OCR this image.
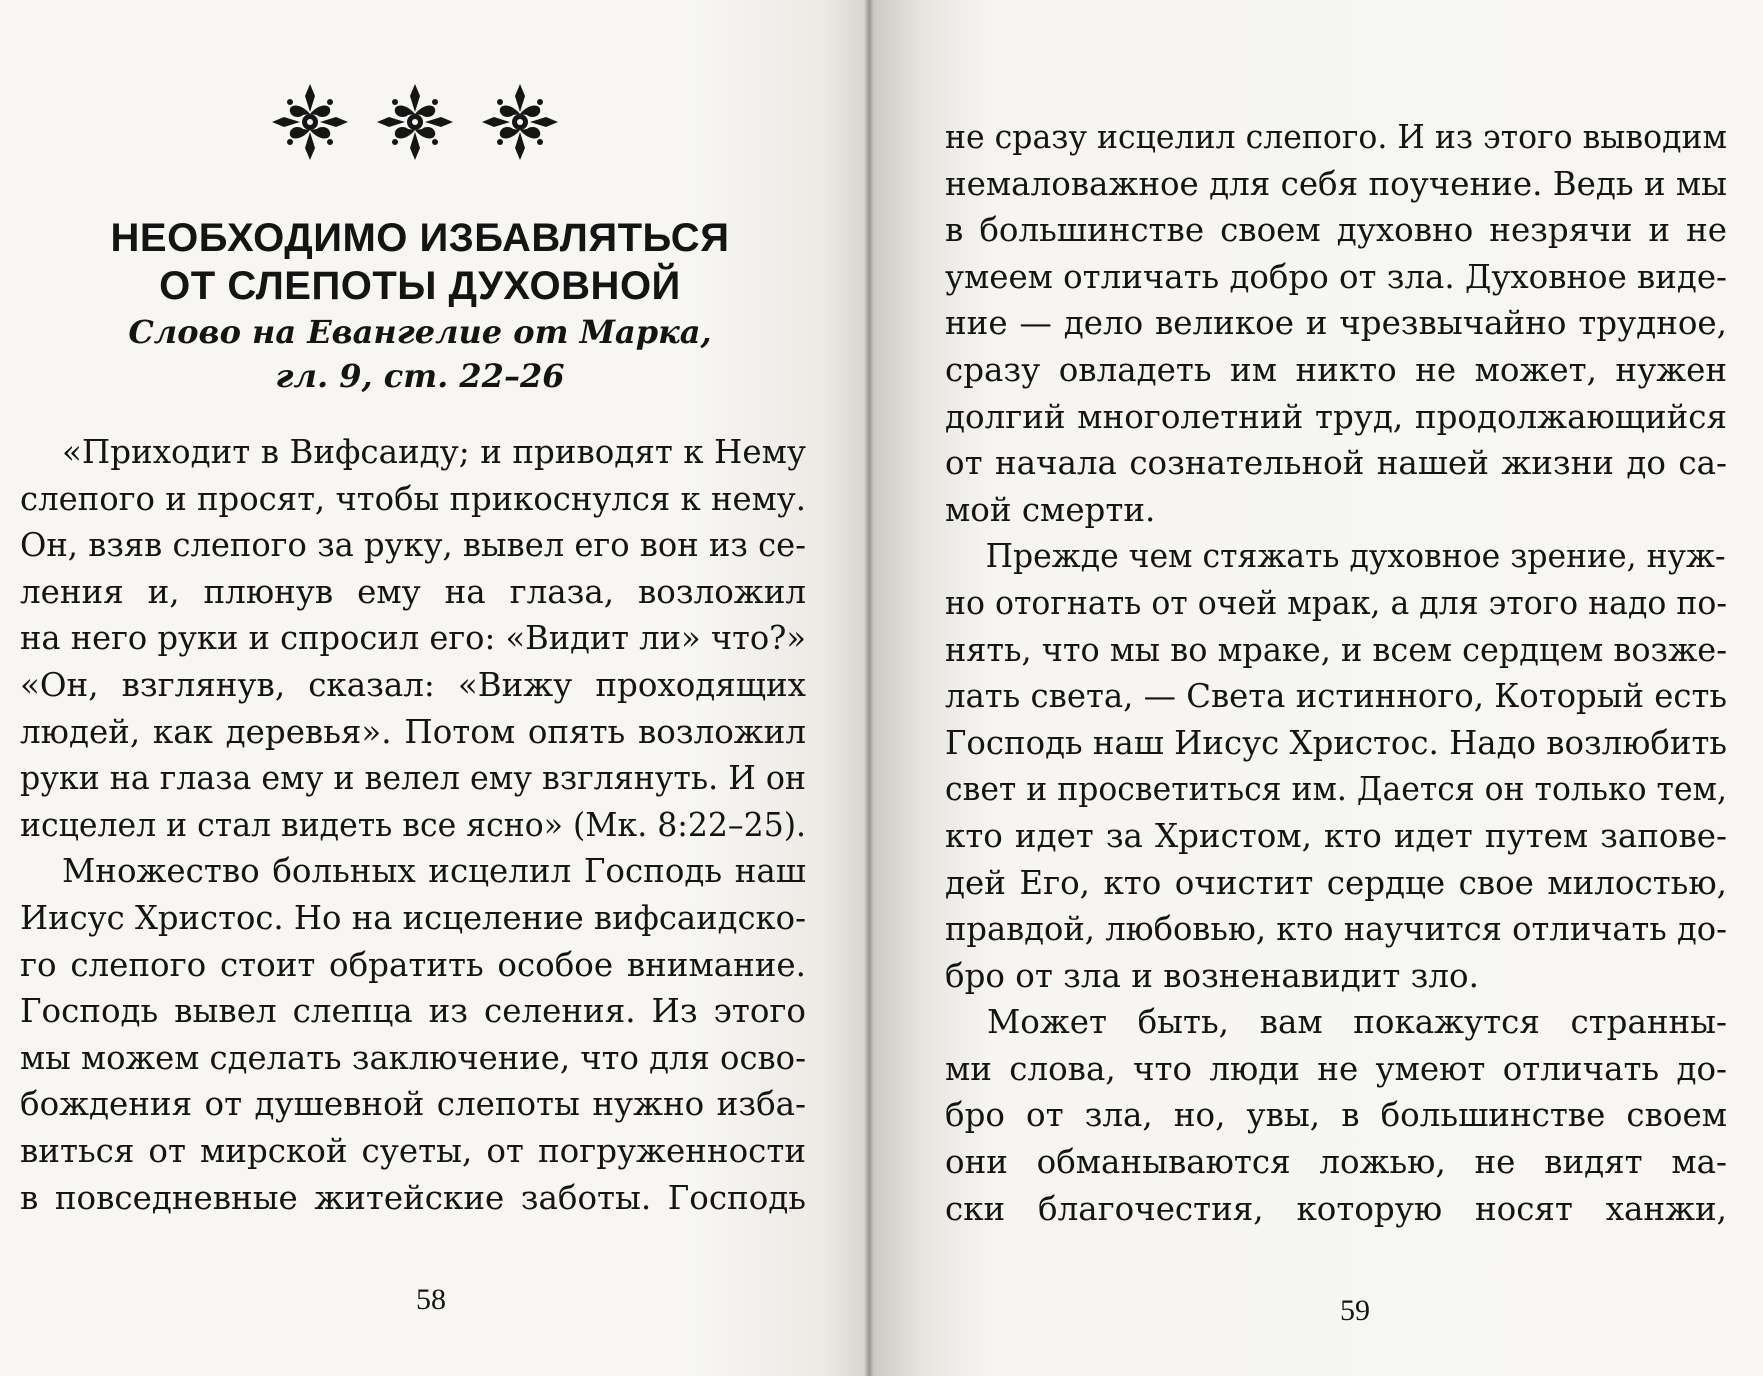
НЕОБХОДИМО ИЗБАВЛЯТЬСЯ
ОТ СЛЕПОТЫ ДУХОВНОЙ
Слово на Евангелие от Марка,
гл. 9, ст. 22–26
«Приходит в Вифсаиду; и приводят к Нему
слепого и просят, чтобы прикоснулся к нему.
Он, взяв слепого за руку, вывел его вон из се-
ления и, плюнув ему на глаза, возложил
на него руки и спросил его: «Видит ли» что?»
«Он, взглянув, сказал: «Вижу проходящих
людей, как деревья». Потом опять возложил
руки на глаза ему и велел ему взглянуть. И он
исцелел и стал видеть все ясно» (Мк. 8:22–25).
Множество больных исцелил Господь наш
Иисус Христос. Но на исцеление вифсаидско-
го слепого стоит обратить особое внимание.
Господь вывел слепца из селения. Из этого
мы можем сделать заключение, что для осво-
бождения от душевной слепоты нужно изба-
виться от мирской суеты, от погруженности
в повседневные житейские заботы. Господь
58	59
не сразу исцелил слепого. И из этого выводим
немаловажное для себя поучение. Ведь и мы
в большинстве своем духовно незрячи и не
умеем отличать добро от зла. Духовное виде-
ние — дело великое и чрезвычайно трудное,
сразу овладеть им никто не может, нужен
долгий многолетний труд, продолжающийся
от начала сознательной нашей жизни до са-
мой смерти.
Прежде чем стяжать духовное зрение, нуж-
но отогнать от очей мрак, а для этого надо по-
нять, что мы во мраке, и всем сердцем возже-
лать света, — Света истинного, Который есть
Господь наш Иисус Христос. Надо возлюбить
свет и просветиться им. Дается он только тем,
кто идет за Христом, кто идет путем запове-
дей Его, кто очистит сердце свое милостью,
правдой, любовью, кто научится отличать до-
бро от зла и возненавидит зло.
Может быть, вам покажутся странны-
ми слова, что люди не умеют отличать до-
бро от зла, но, увы, в большинстве своем
они обманываются ложью, не видят ма-
ски благочестия, которую носят ханжи,
